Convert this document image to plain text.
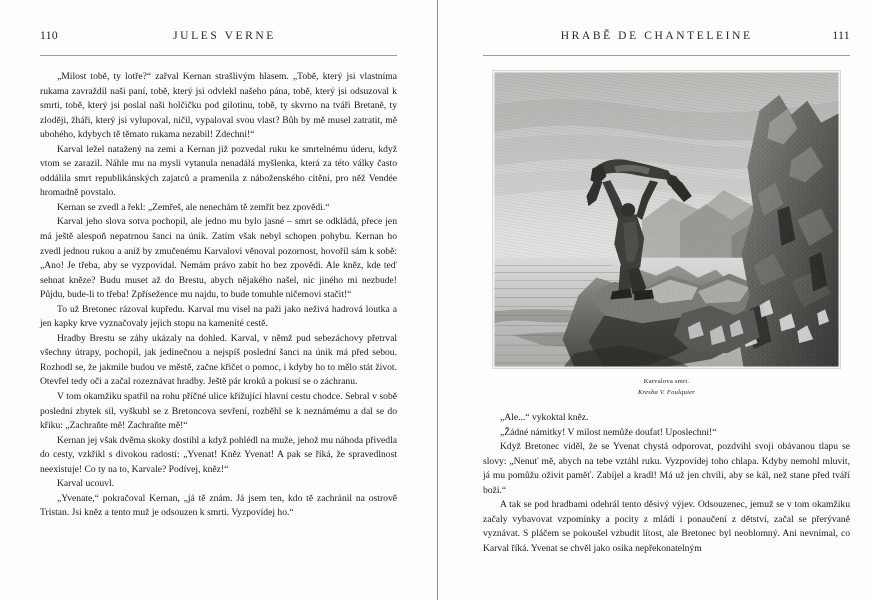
110	JULES VERNE

„Milost tobě, ty lotře?“ zařval Kernan strašlivým hlasem. „Tobě, který jsi vlastníma rukama zavraždil naši paní, tobě, který jsi odvlekl našeho pána, tobě, který jsi odsuzoval k smrti, tobě, který jsi poslal naši holčičku pod gilotinu, tobě, ty skvrno na tváři Bretaně, ty zloději, žháři, který jsi vylupoval, ničil, vypaloval svou vlast? Bůh by mě musel zatratit, mě ubohého, kdybych tě těmato rukama nezabil! Zdechni!“

Karval ležel natažený na zemi a Kernan již pozvedal ruku ke smrtelnému úderu, když vtom se zarazil. Náhle mu na mysli vytanula nenadálá myšlenka, která za této války často oddálila smrt republikánských zajatců a pramenila z náboženského cítění, pro něž Vendée hromadně povstalo.

Kernan se zvedl a řekl: „Zemřeš, ale nenechám tě zemřít bez zpovědi.“

Karval jeho slova sotva pochopil, ale jedno mu bylo jasné – smrt se odkládá, přece jen má ještě alespoň nepatrnou šanci na únik. Zatím však nebyl schopen pohybu. Kernan ho zvedl jednou rukou a aniž by zmučenému Karvalovi věnoval pozornost, hovořil sám k sobě: „Ano! Je třeba, aby se vyzpovídal. Nemám právo zabít ho bez zpovědi. Ale kněz, kde teď sehnat kněze? Budu muset až do Brestu, abych nějakého našel, nic jiného mi nezbude! Půjdu, bude-li to třeba! Zpřísežence mu najdu, to bude tomuhle ničemovi stačit!“

To už Bretonec rázoval kupředu. Karval mu visel na paži jako neživá hadrová loutka a jen kapky krve vyznačovaly jejich stopu na kamenité cestě.

Hradby Brestu se záhy ukázaly na dohled. Karval, v němž pud sebezáchovy přetrval všechny útrapy, pochopil, jak jedinečnou a nejspíš poslední šanci na únik má před sebou. Rozhodl se, že jakmile budou ve městě, začne křičet o pomoc, i kdyby ho to mělo stát život. Otevřel tedy oči a začal rozeznávat hradby. Ještě pár kroků a pokusí se o záchranu.

V tom okamžiku spatřil na rohu příčné ulice křižující hlavní cestu chodce. Sebral v sobě poslední zbytek sil, vyškubl se z Bretoncova sevření, rozběhl se k neznámému a dal se do křiku: „Zachraňte mě! Zachraňte mě!“

Kernan jej však dvěma skoky dostihl a když pohlédl na muže, jehož mu náhoda přivedla do cesty, vzkřikl s divokou radostí: „Yvenat! Kněz Yvenat! A pak se říká, že spravedlnost neexistuje! Co ty na to, Karvale? Podívej, kněz!“

Karval ucouvl.

„Yvenate,“ pokračoval Kernan, „já tě znám. Já jsem ten, kdo tě zachránil na ostrově Tristan. Jsi kněz a tento muž je odsouzen k smrti. Vyzpovídej ho.“

HRABĚ DE CHANTELEINE	111
Karvalova smrt.
Kresba V. Foulquier

„Ale...“ vykoktal kněz.

„Žádné námitky! V milost nemůže doufat! Uposlechni!“

Když Bretonec viděl, že se Yvenat chystá odporovat, pozdvihl svoji obávanou tlapu se slovy: „Nenuť mě, abych na tebe vztáhl ruku. Vyzpovídej toho chlapa. Kdyby nemohl mluvit, já mu pomůžu oživit paměť. Zabíjel a kradl! Má už jen chvíli, aby se kál, než stane před tváří boží.“

A tak se pod hradbami odehrál tento děsivý výjev. Odsouzenec, jemuž se v tom okamžiku začaly vybavovat vzpomínky a pocity z mládí i ponaučení z dětství, začal se přerývaně vyznávat. S pláčem se pokoušel vzbudit lítost, ale Bretonec byl neoblomný. Ani nevnímal, co Karval říká. Yvenat se chvěl jako osika nepřekonatelným
